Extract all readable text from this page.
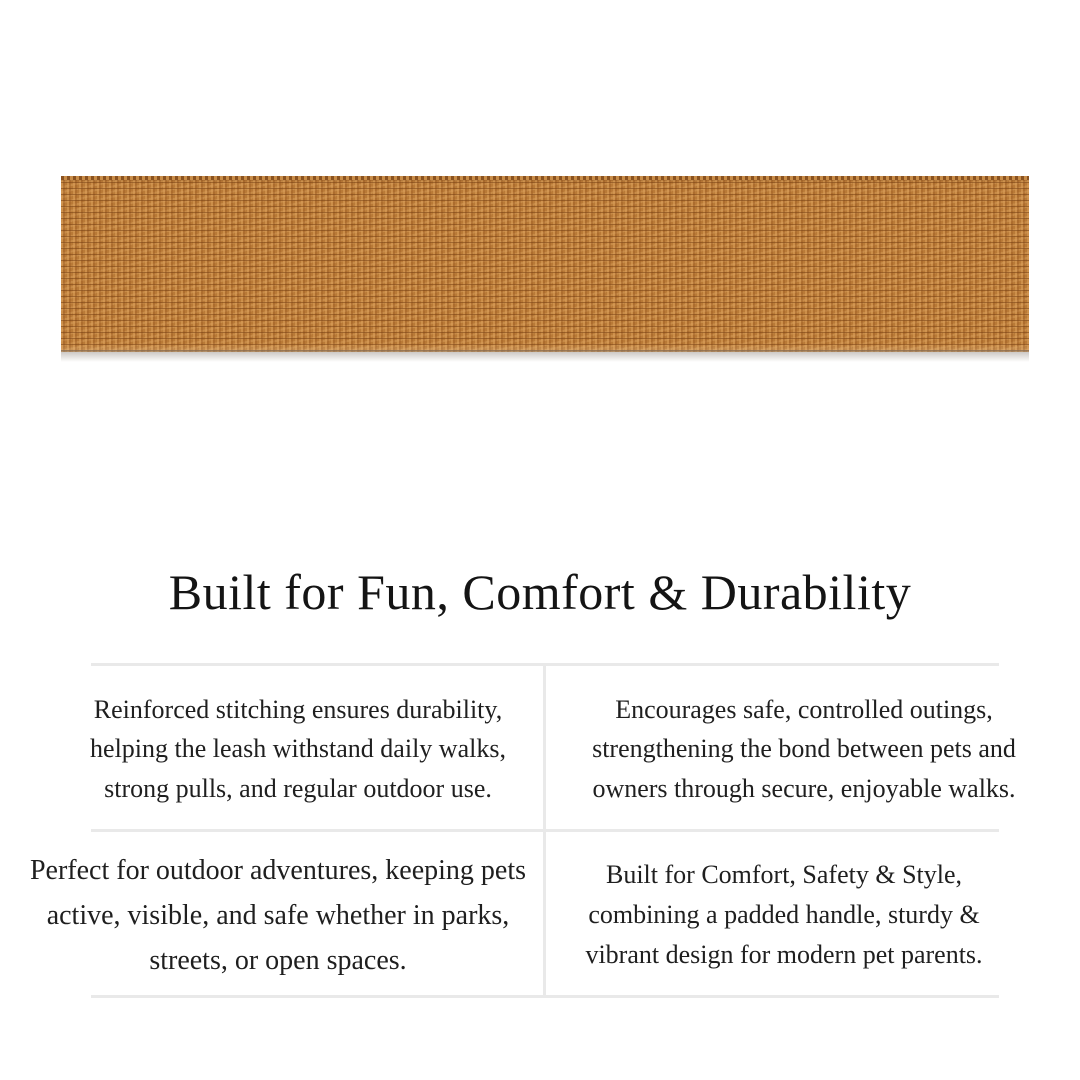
Built for Fun, Comfort & Durability
Reinforced stitching ensures durability, helping the leash withstand daily walks, strong pulls, and regular outdoor use.
Encourages safe, controlled outings, strengthening the bond between pets and owners through secure, enjoyable walks.
Perfect for outdoor adventures, keeping pets active, visible, and safe whether in parks, streets, or open spaces.
Built for Comfort, Safety & Style, combining a padded handle, sturdy & vibrant design for modern pet parents.
